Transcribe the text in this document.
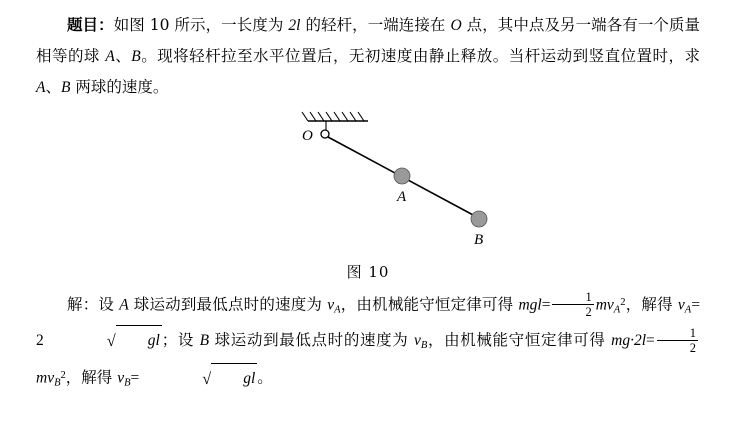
题目：如图 10 所示，一长度为 2l 的轻杆，一端连接在 O 点，其中点及另一端各有一个质量相等的球 A、B。现将轻杆拉至水平位置后，无初速度由静止释放。当杆运动到竖直位置时，求 A、B 两球的速度。

O
A
B
图 10

解：设 A 球运动到最低点时的速度为 $v_A$，由机械能守恒定律可得 $mgl= \frac{1}{2} mv_A^2$，解得 $v_A= 2$	√ gl ；设 B 球运动到最低点时的速度为 $v_B$，由机械能守恒定律可得 $mg\cdot 2l= \frac{1}{2}$
$mv_B^2$，解得 $v_B=$	√ gl 。
